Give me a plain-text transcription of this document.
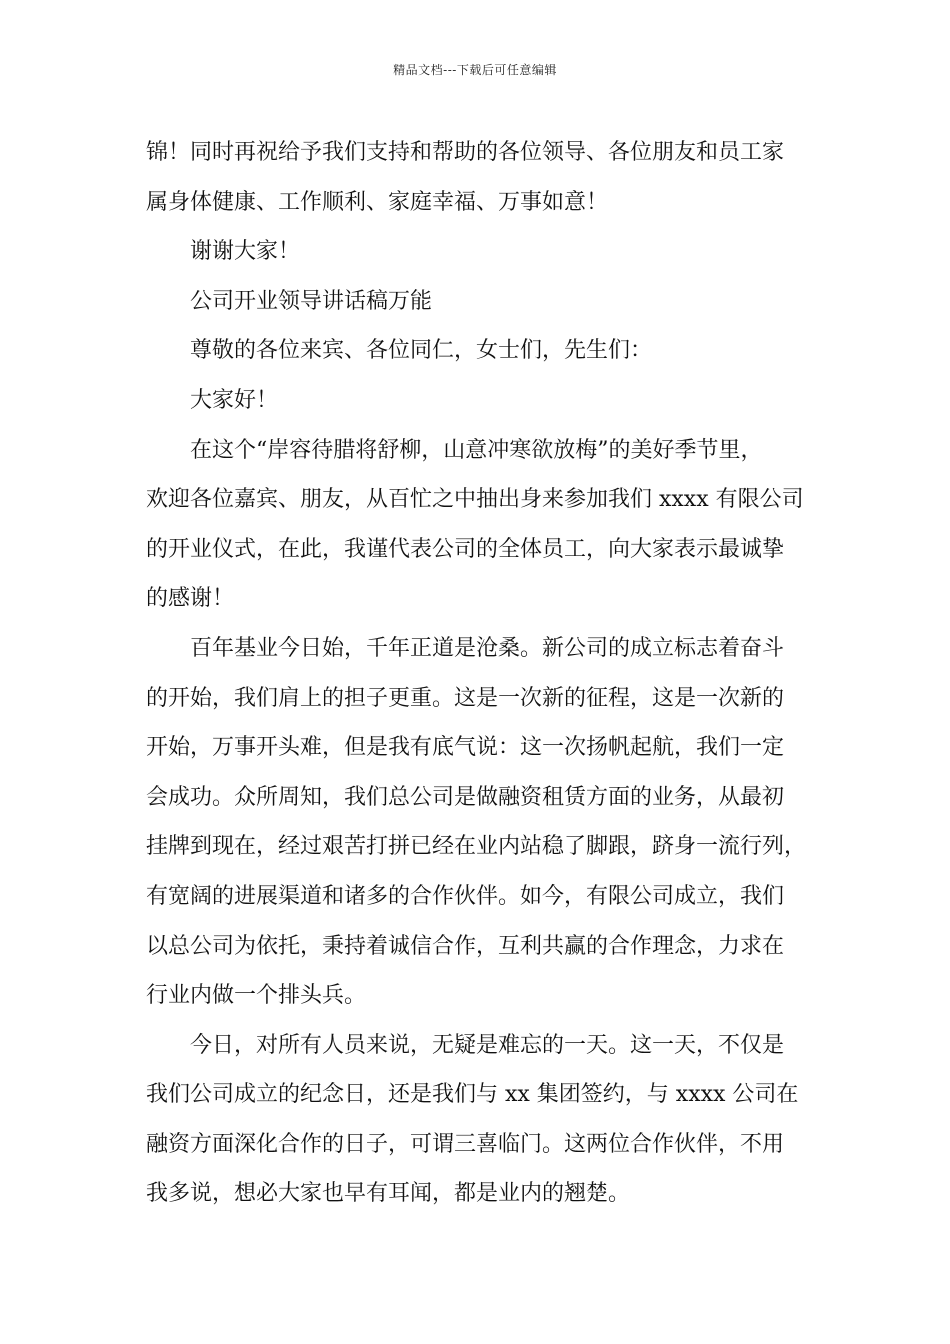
精品文档---下载后可任意编辑
锦！同时再祝给予我们支持和帮助的各位领导、各位朋友和员工家
属身体健康、工作顺利、家庭幸福、万事如意！
谢谢大家！
公司开业领导讲话稿万能
尊敬的各位来宾、各位同仁，女士们，先生们：
大家好！
在这个“岸容待腊将舒柳，山意冲寒欲放梅”的美好季节里，
欢迎各位嘉宾、朋友，从百忙之中抽出身来参加我们 xxxx 有限公司
的开业仪式，在此，我谨代表公司的全体员工，向大家表示最诚挚
的感谢！
百年基业今日始，千年正道是沧桑。新公司的成立标志着奋斗
的开始，我们肩上的担子更重。这是一次新的征程，这是一次新的
开始，万事开头难，但是我有底气说：这一次扬帆起航，我们一定
会成功。众所周知，我们总公司是做融资租赁方面的业务，从最初
挂牌到现在，经过艰苦打拼已经在业内站稳了脚跟，跻身一流行列，
有宽阔的进展渠道和诸多的合作伙伴。如今，有限公司成立，我们
以总公司为依托，秉持着诚信合作，互利共赢的合作理念，力求在
行业内做一个排头兵。
今日，对所有人员来说，无疑是难忘的一天。这一天，不仅是
我们公司成立的纪念日，还是我们与 xx 集团签约，与 xxxx 公司在
融资方面深化合作的日子，可谓三喜临门。这两位合作伙伴，不用
我多说，想必大家也早有耳闻，都是业内的翘楚。
